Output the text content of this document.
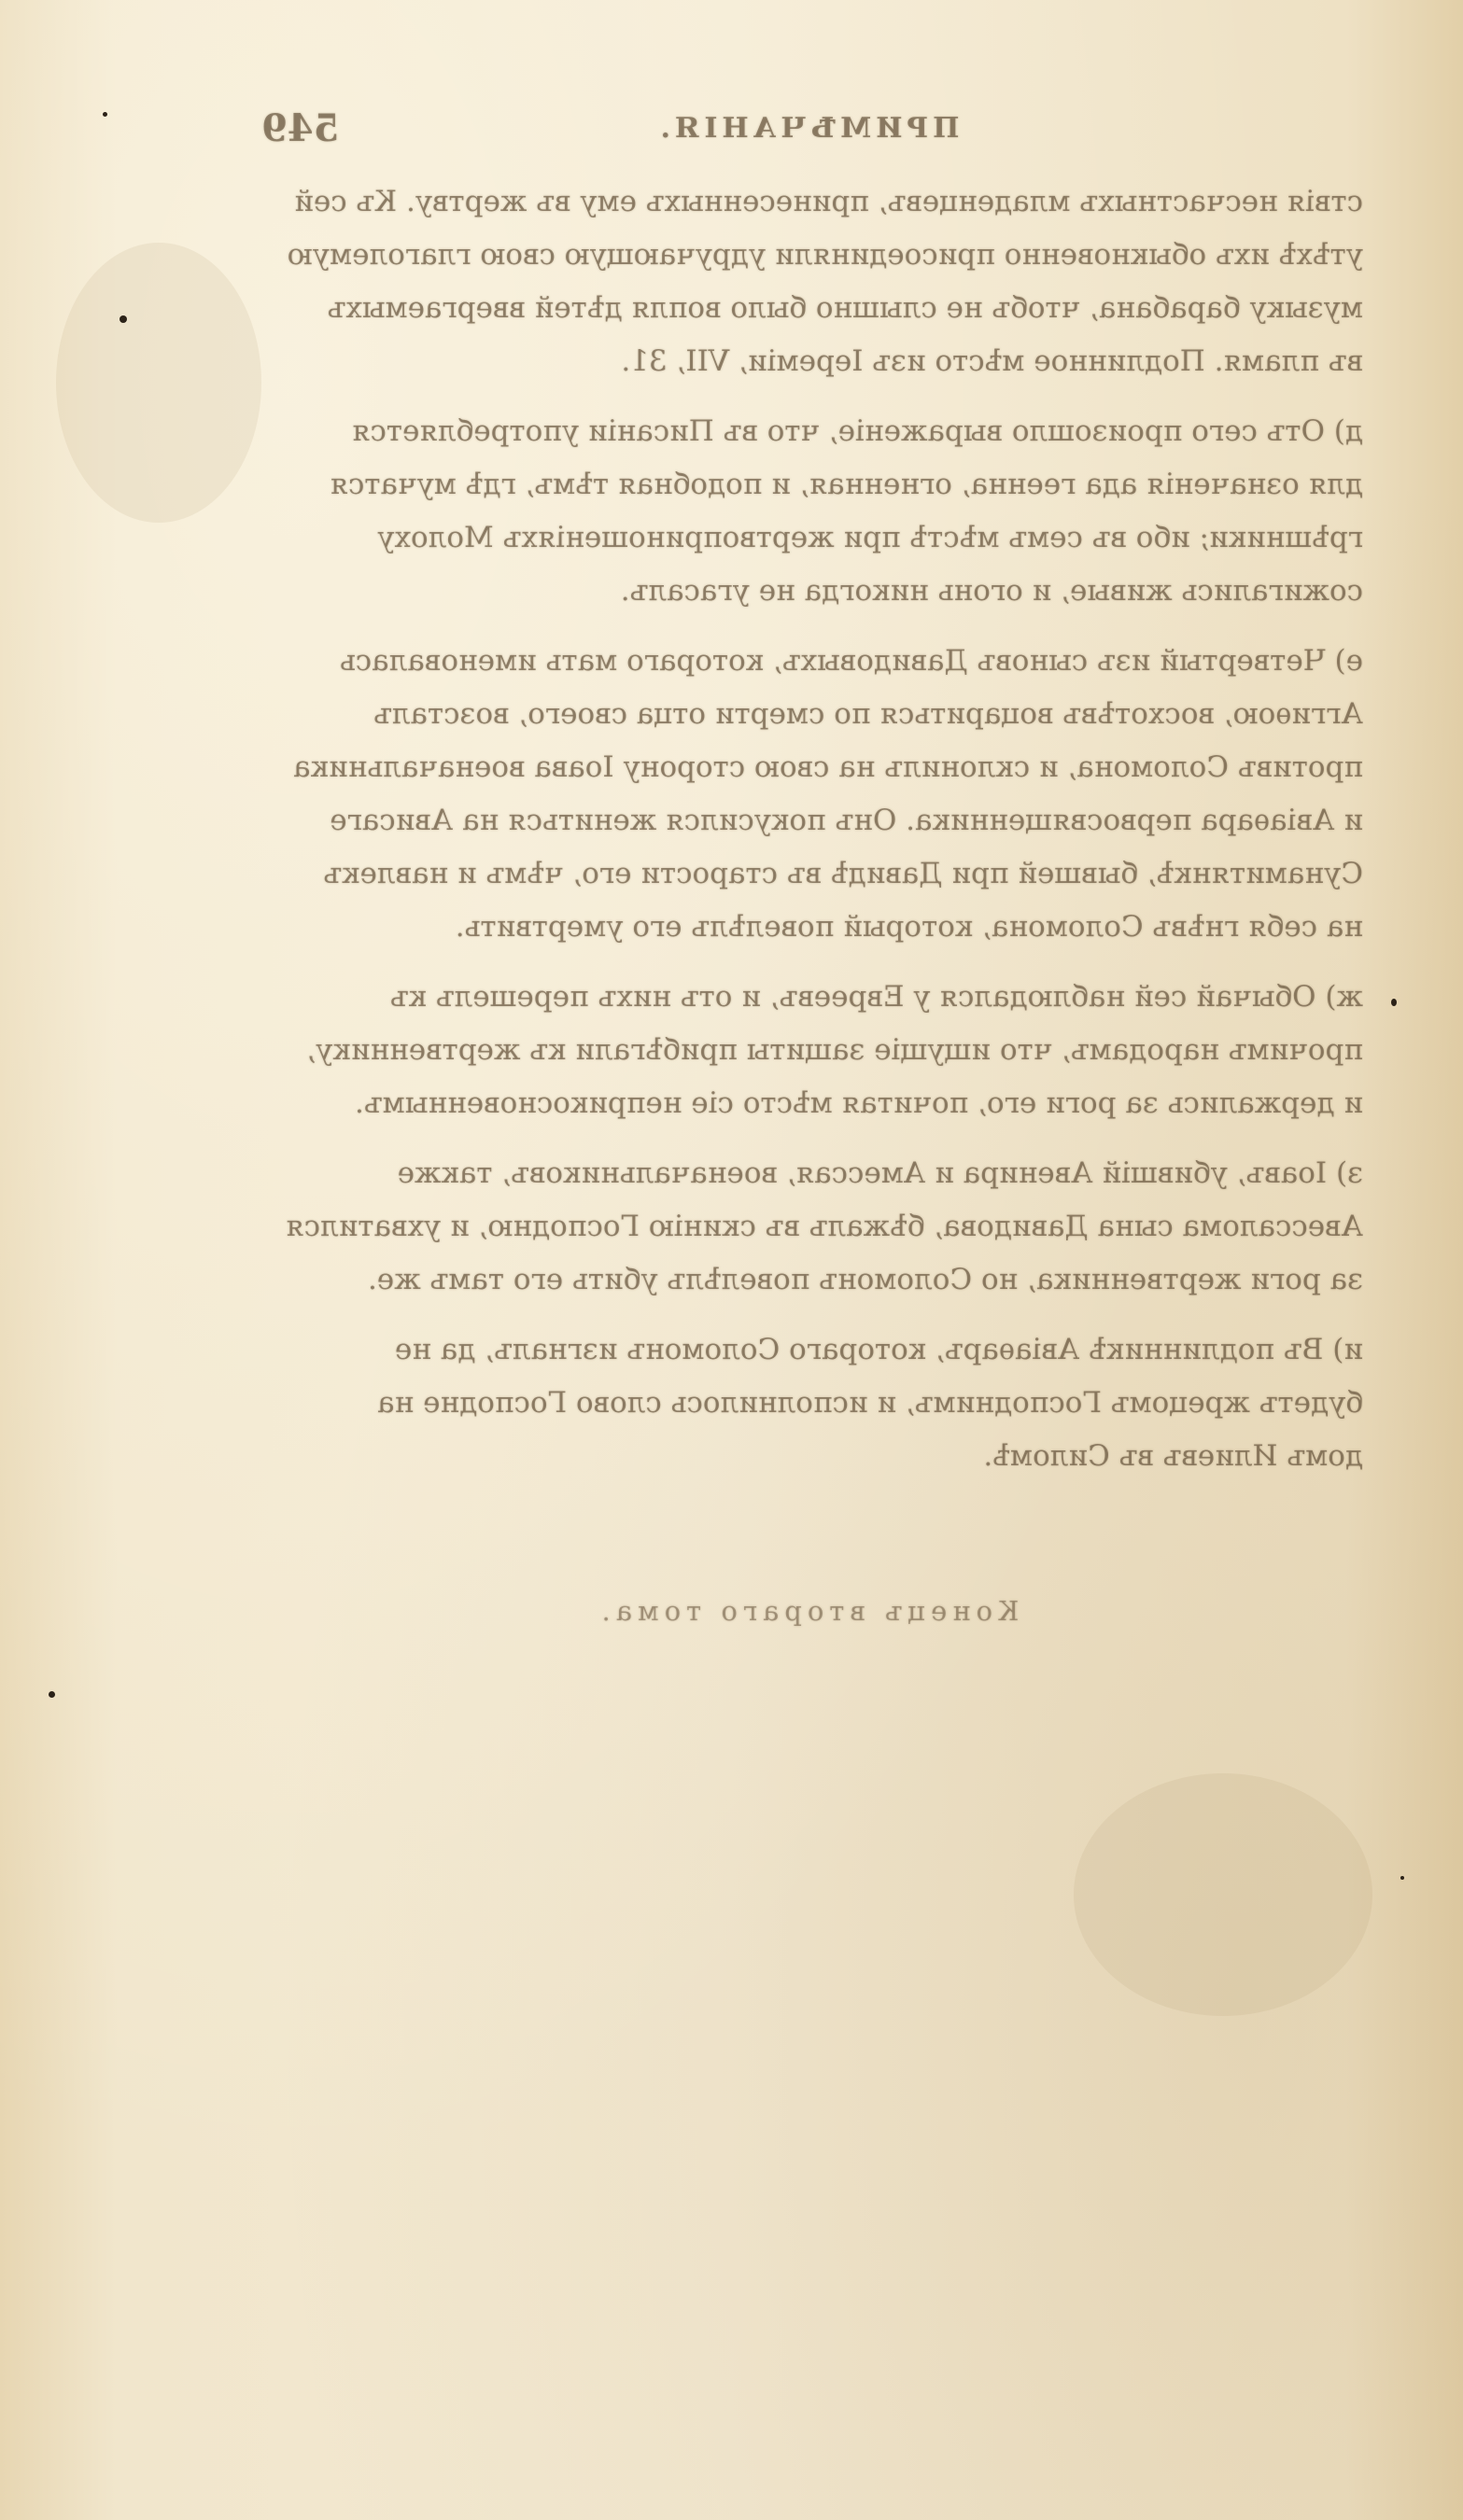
ПРИМѢЧАНІЯ.
549
ствія несчастныхъ младенцевъ, принесенныхъ ему въ жертву. Къ сей
утѣхѣ ихъ обыкновенно присоединяли удручающую свою глаголемую
музыку барабана, чтобъ не слышно было вопля дѣтей ввергаемыхъ
въ пламя. Подлинное мѣсто изъ Іереміи, VII, 31.
д) Отъ сего произошло выраженіе, что въ Писаніи употребляется
для означенія ада геенна, огненная, и подобная тѣмъ, гдѣ мучатся
грѣшники; ибо въ семъ мѣстѣ при жертвоприношеніяхъ Молоху
сожигались живые, и огонь никогда не угасалъ.
е) Четвертый изъ сыновъ Давидовыхъ, котораго мать именовалась
Аггиѳою, восхотѣвъ воцариться по смерти отца своего, возсталъ
противъ Соломона, и склонилъ на свою сторону Іоава военачальника
и Авіаѳара первосвященника. Онъ покусился жениться на Ависаге
Сунамитянкѣ, бывшей при Давидѣ въ старости его, чѣмъ и навлекъ
на себя гнѣвъ Соломона, который повелѣлъ его умертвить.
ж) Обычай сей наблюдался у Евреевъ, и отъ нихъ перешелъ къ
прочимъ народамъ, что ищущіе защиты прибѣгали къ жертвеннику,
и держались за роги его, почитая мѣсто сіе неприкосновеннымъ.
з) Іоавъ, убившій Авенира и Амессая, военачальниковъ, также
Авессалома сына Давидова, бѣжалъ въ скинію Господню, и ухватился
за роги жертвенника, но Соломонъ повелѣлъ убить его тамъ же.
и) Въ подлинникѣ Авіаѳаръ, котораго Соломонъ изгналъ, да не
будетъ жрецомъ Господнимъ, и исполнилось слово Господне на
домъ Илиевъ въ Силомѣ.
Конецъ втораго тома.
